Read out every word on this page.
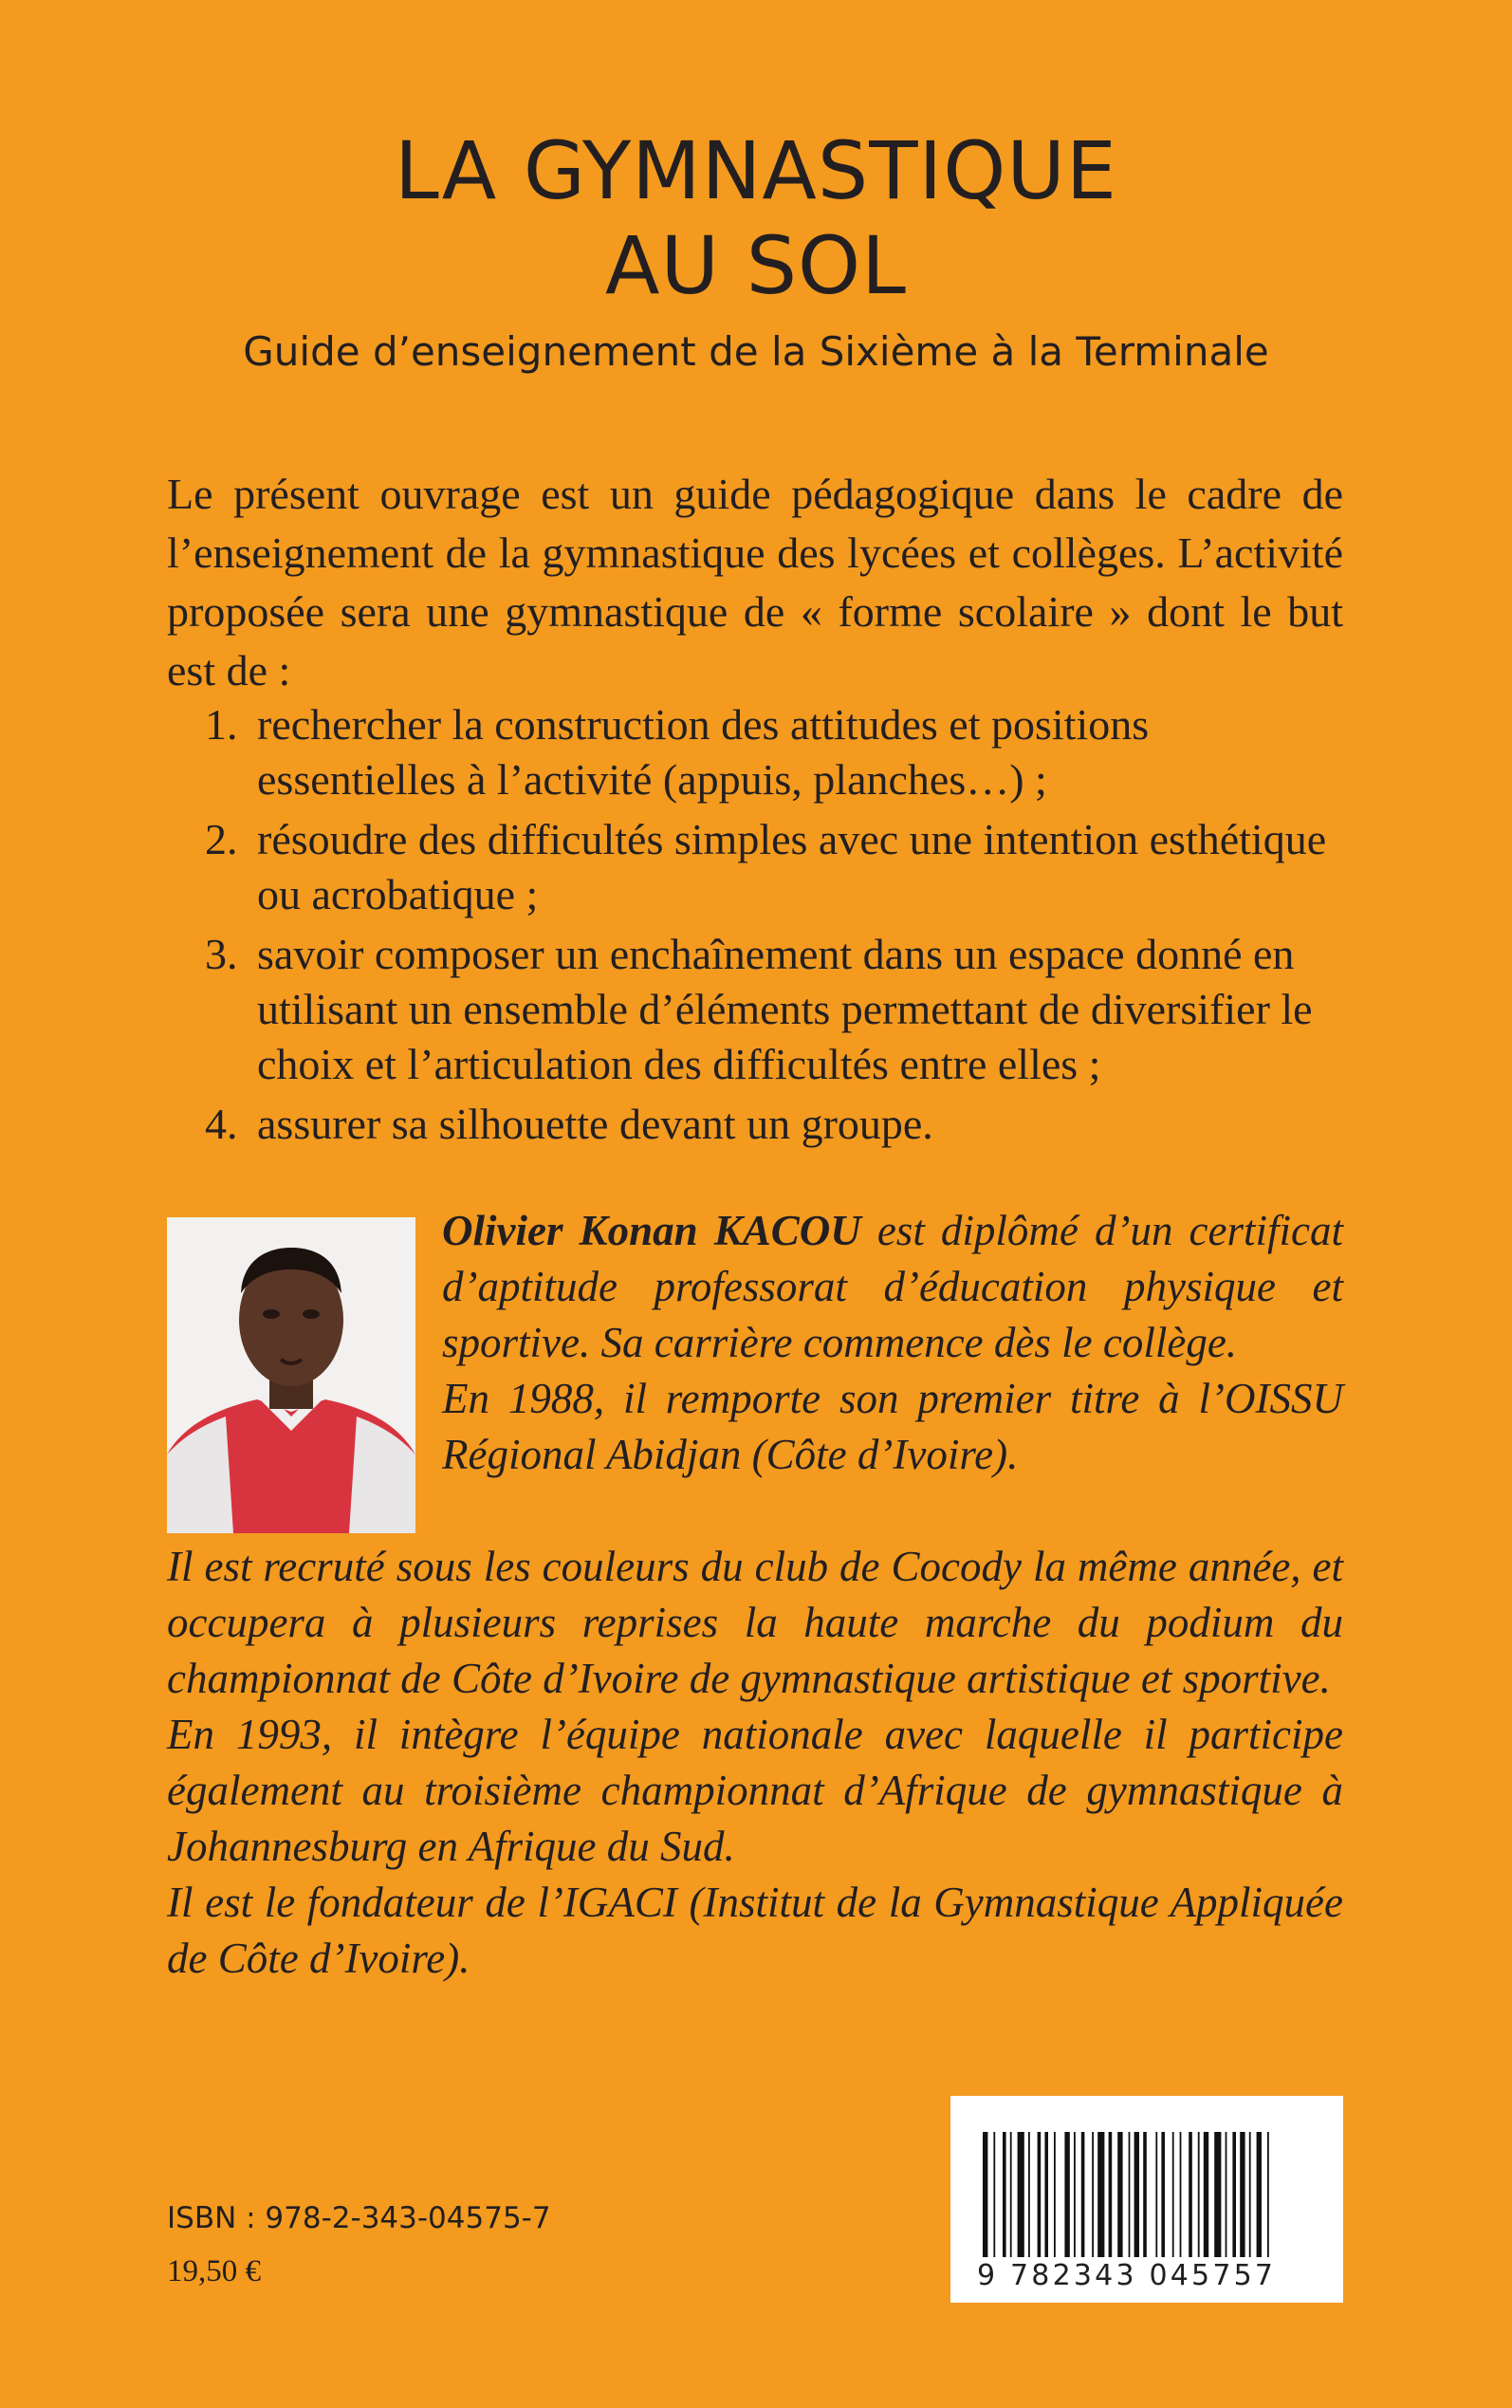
LA GYMNASTIQUE
AU SOL
Guide d’enseignement de la Sixième à la Terminale

Le présent ouvrage est un guide pédagogique dans le cadre de l’enseignement de la gymnastique des lycées et collèges. L’activité proposée sera une gymnastique de « forme scolaire » dont le but est de :

1. recherche​r la construction des attitudes et positions essentielles à l’activité (appuis, planches…) ;
2. résoudre des difficultés simples avec une intention esthétique ou acrobatique ;
3. savoir composer un enchaînement dans un espace donné en utilisant un ensemble d’éléments permettant de diversifier le choix et l’articulation des difficultés entre elles ;
4. assurer sa silhouette devant un groupe.

Olivier Konan KACOU est diplômé d’un certificat d’aptitude professorat d’éducation physique et sportive. Sa carrière commence dès le collège.

En 1988, il remporte son premier titre à l’OISSU Régional Abidjan (Côte d’Ivoire).

Il est recruté sous les couleurs du club de Cocody la même année, et occupera à plusieurs reprises la haute marche du podium du championnat de Côte d’Ivoire de gymnastique artistique et sportive.

En 1993, il intègre l’équipe nationale avec laquelle il participe également au troisième championnat d’Afrique de gymnastique à Johannesburg en Afrique du Sud.

Il est le fondateur de l’IGACI (Institut de la Gymnastique Appliquée de Côte d’Ivoire).

ISBN : 978-2-343-04575-7
19,50 €	9 782343 045757
